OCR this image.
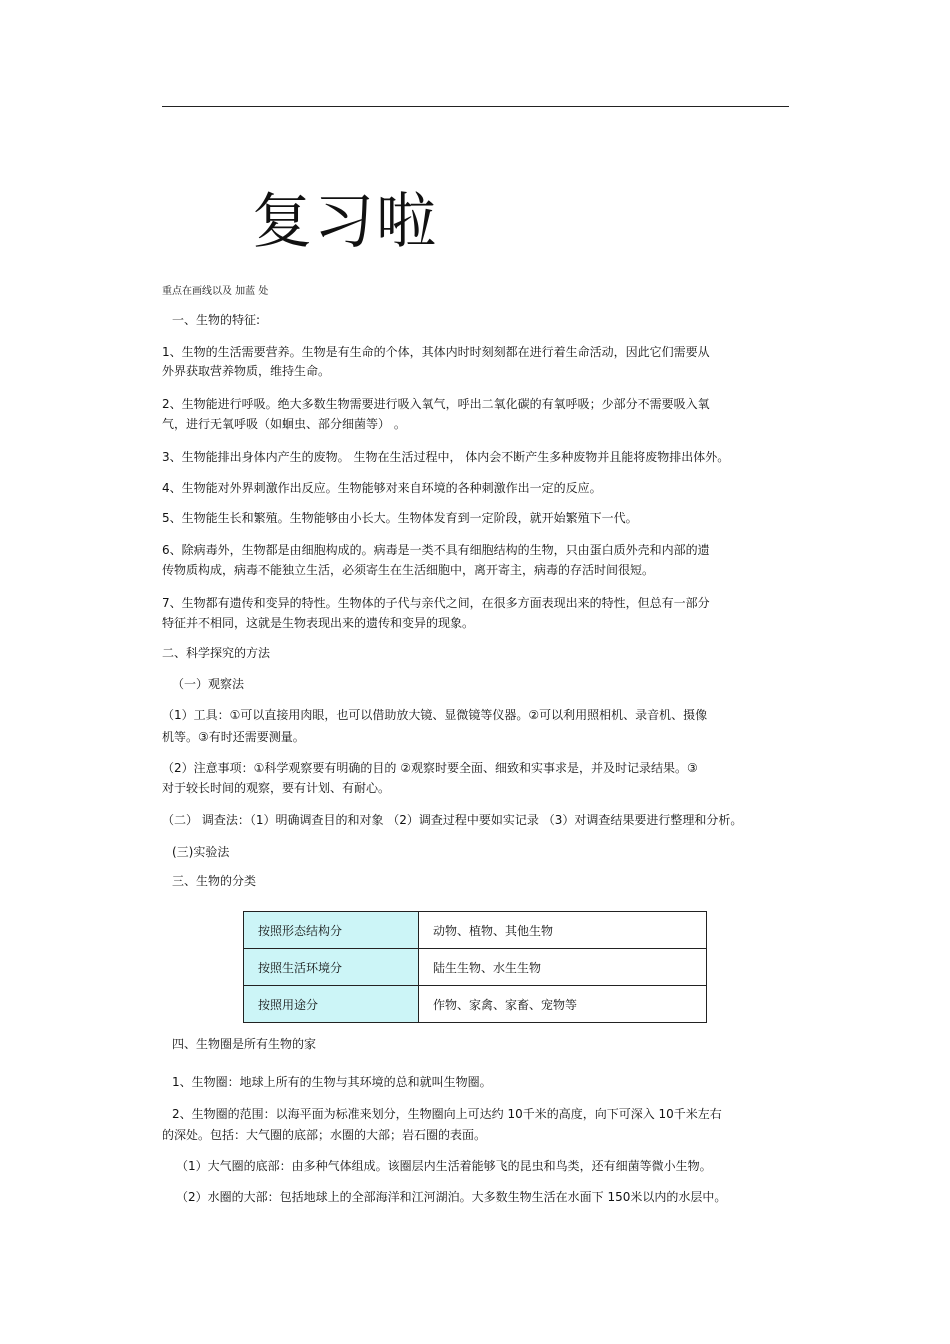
复习啦
重点在画线以及 加蓝 处
一、生物的特征:
1、生物的生活需要营养。生物是有生命的个体，其体内时时刻刻都在进行着生命活动，因此它们需要从
外界获取营养物质，维持生命。
2、生物能进行呼吸。绝大多数生物需要进行吸入氧气，呼出二氧化碳的有氧呼吸；少部分不需要吸入氧
气，进行无氧呼吸（如蛔虫、部分细菌等） 。
3、生物能排出身体内产生的废物。 生物在生活过程中， 体内会不断产生多种废物并且能将废物排出体外。
4、生物能对外界刺激作出反应。生物能够对来自环境的各种刺激作出一定的反应。
5、生物能生长和繁殖。生物能够由小长大。生物体发育到一定阶段，就开始繁殖下一代。
6、除病毒外，生物都是由细胞构成的。病毒是一类不具有细胞结构的生物，只由蛋白质外壳和内部的遗
传物质构成，病毒不能独立生活，必须寄生在生活细胞中，离开寄主，病毒的存活时间很短。
7、生物都有遗传和变异的特性。生物体的子代与亲代之间，在很多方面表现出来的特性，但总有一部分
特征并不相同，这就是生物表现出来的遗传和变异的现象。
二、科学探究的方法
（一）观察法
（1）工具：①可以直接用肉眼，也可以借助放大镜、显微镜等仪器。②可以利用照相机、录音机、摄像
机等。③有时还需要测量。
（2）注意事项：①科学观察要有明确的目的 ②观察时要全面、细致和实事求是，并及时记录结果。③
对于较长时间的观察，要有计划、有耐心。
（二） 调查法：（1）明确调查目的和对象 （2）调查过程中要如实记录 （3）对调查结果要进行整理和分析。
(三)实验法
三、生物的分类
按照形态结构分	动物、植物、其他生物
按照生活环境分	陆生生物、水生生物
按照用途分	作物、家禽、家畜、宠物等
四、生物圈是所有生物的家
1、生物圈：地球上所有的生物与其环境的总和就叫生物圈。
2、生物圈的范围：以海平面为标准来划分，生物圈向上可达约 10千米的高度，向下可深入 10千米左右
的深处。包括：大气圈的底部；水圈的大部；岩石圈的表面。
（1）大气圈的底部：由多种气体组成。该圈层内生活着能够飞的昆虫和鸟类，还有细菌等微小生物。
（2）水圈的大部：包括地球上的全部海洋和江河湖泊。大多数生物生活在水面下 150米以内的水层中。
